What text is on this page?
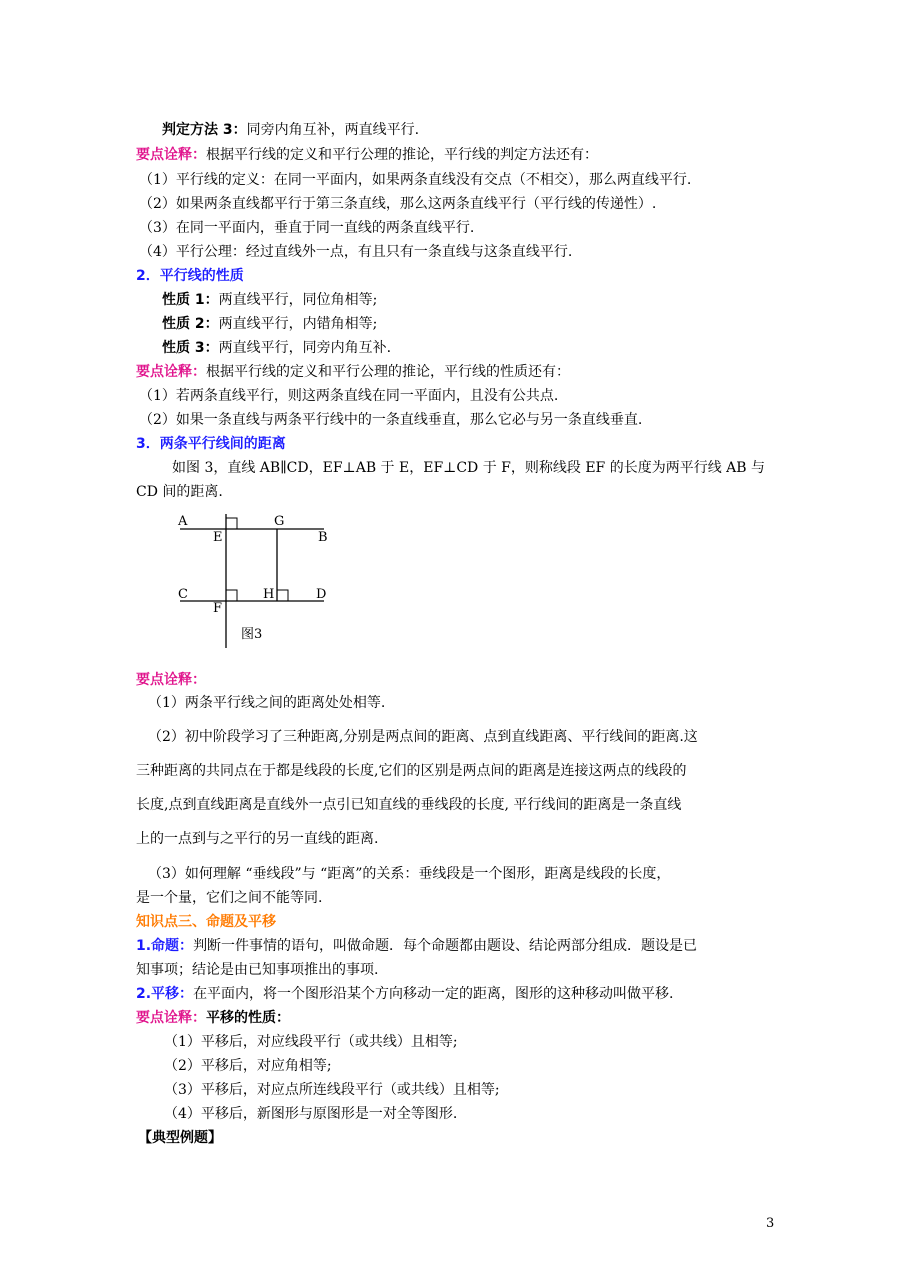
判定方法 3：同旁内角互补，两直线平行.
要点诠释：根据平行线的定义和平行公理的推论，平行线的判定方法还有：
（1）平行线的定义：在同一平面内，如果两条直线没有交点（不相交），那么两直线平行.
（2）如果两条直线都平行于第三条直线，那么这两条直线平行（平行线的传递性）.
（3）在同一平面内，垂直于同一直线的两条直线平行.
（4）平行公理：经过直线外一点，有且只有一条直线与这条直线平行.
2．平行线的性质
性质 1：两直线平行，同位角相等;
性质 2：两直线平行，内错角相等;
性质 3：两直线平行，同旁内角互补.
要点诠释：根据平行线的定义和平行公理的推论，平行线的性质还有：
（1）若两条直线平行，则这两条直线在同一平面内，且没有公共点.
（2）如果一条直线与两条平行线中的一条直线垂直，那么它必与另一条直线垂直.
3．两条平行线间的距离
如图 3，直线 AB∥CD，EF⊥AB 于 E，EF⊥CD 于 F，则称线段 EF 的长度为两平行线 AB 与
CD 间的距离.
A
E
G
B
C
F
H	D
图3
要点诠释：
（1）两条平行线之间的距离处处相等.
（2）初中阶段学习了三种距离,分别是两点间的距离、点到直线距离、平行线间的距离.这
三种距离的共同点在于都是线段的长度,它们的区别是两点间的距离是连接这两点的线段的
长度,点到直线距离是直线外一点引已知直线的垂线段的长度, 平行线间的距离是一条直线
上的一点到与之平行的另一直线的距离.
（3）如何理解 “垂线段”与 “距离”的关系：垂线段是一个图形，距离是线段的长度，
是一个量，它们之间不能等同.
知识点三、命题及平移
1.命题：判断一件事情的语句，叫做命题．每个命题都由题设、结论两部分组成．题设是已
知事项；结论是由已知事项推出的事项.
2.平移：在平面内，将一个图形沿某个方向移动一定的距离，图形的这种移动叫做平移.
要点诠释：平移的性质：
（1）平移后，对应线段平行（或共线）且相等;
（2）平移后，对应角相等;
（3）平移后，对应点所连线段平行（或共线）且相等;
（4）平移后，新图形与原图形是一对全等图形.
【典型例题】
3
